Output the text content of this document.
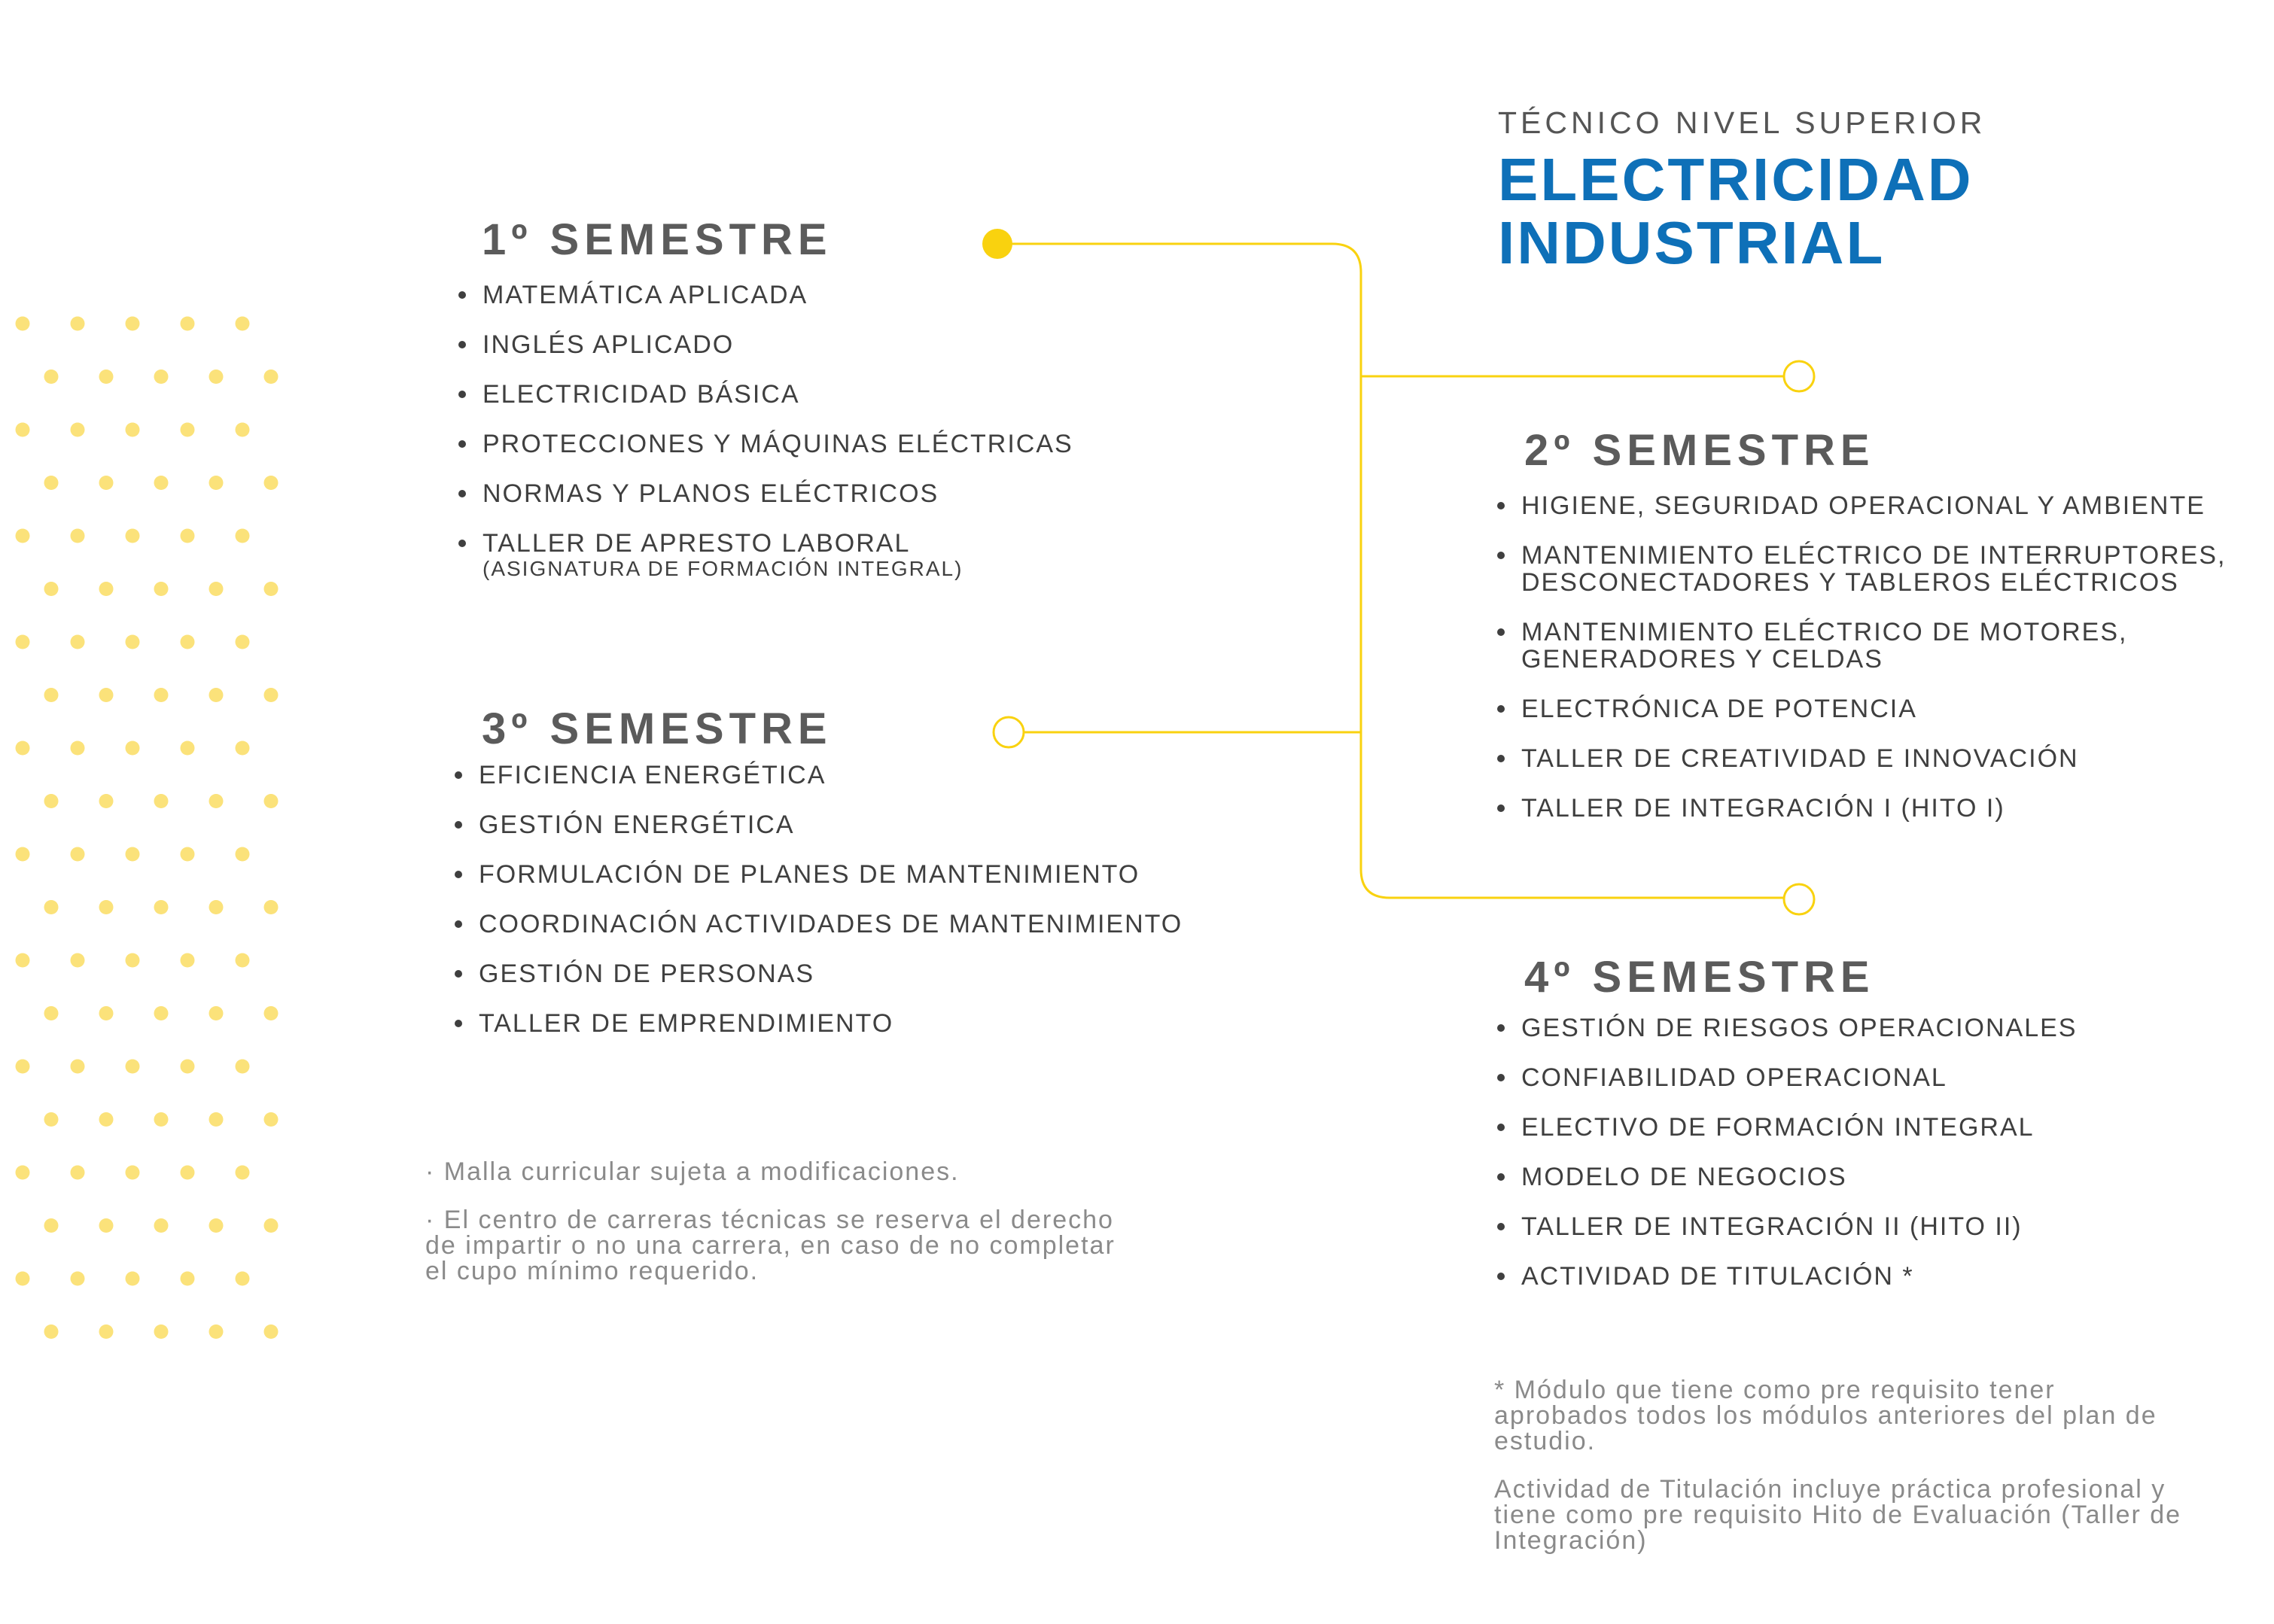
TÉCNICO NIVEL SUPERIOR
ELECTRICIDAD
INDUSTRIAL
1º SEMESTRE
MATEMÁTICA APLICADA
INGLÉS APLICADO
ELECTRICIDAD BÁSICA
PROTECCIONES Y MÁQUINAS ELÉCTRICAS
NORMAS Y PLANOS ELÉCTRICOS
TALLER DE APRESTO LABORAL
(ASIGNATURA DE FORMACIÓN INTEGRAL)
2º SEMESTRE
HIGIENE, SEGURIDAD OPERACIONAL Y AMBIENTE
MANTENIMIENTO ELÉCTRICO DE INTERRUPTORES,
DESCONECTADORES Y TABLEROS ELÉCTRICOS
MANTENIMIENTO ELÉCTRICO DE MOTORES,
GENERADORES Y CELDAS
ELECTRÓNICA DE POTENCIA
TALLER DE CREATIVIDAD E INNOVACIÓN
TALLER DE INTEGRACIÓN I (HITO I)
3º SEMESTRE
EFICIENCIA ENERGÉTICA
GESTIÓN ENERGÉTICA
FORMULACIÓN DE PLANES DE MANTENIMIENTO
COORDINACIÓN ACTIVIDADES DE MANTENIMIENTO
GESTIÓN DE PERSONAS
TALLER DE EMPRENDIMIENTO
4º SEMESTRE
GESTIÓN DE RIESGOS OPERACIONALES
CONFIABILIDAD OPERACIONAL
ELECTIVO DE FORMACIÓN INTEGRAL
MODELO DE NEGOCIOS
TALLER DE INTEGRACIÓN II (HITO II)
ACTIVIDAD DE TITULACIÓN *

· Malla curricular sujeta a modificaciones.

· El centro de carreras técnicas se reserva el derecho de impartir o no una carrera, en caso de no completar el cupo mínimo requerido.

* Módulo que tiene como pre requisito tener aprobados todos los módulos anteriores del plan de estudio.

Actividad de Titulación incluye práctica profesional y tiene como pre requisito Hito de Evaluación (Taller de Integración)
